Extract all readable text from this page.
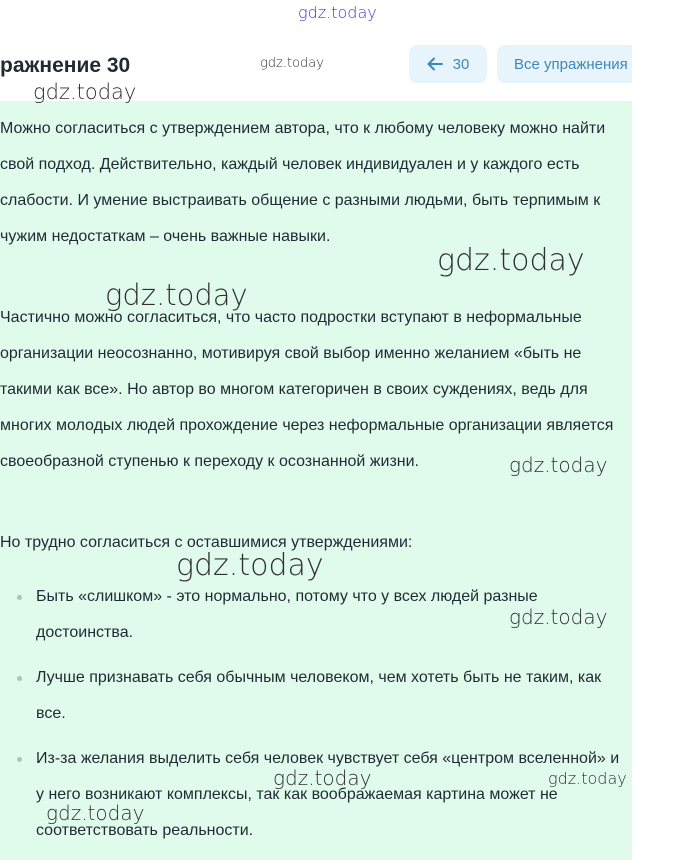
gdz.today
gdz.today
gdz.today
gdz.today
gdz.today
gdz.today
gdz.today
gdz.today
gdz.today	gdz.today
gdz.today
ражнение 30	30	Все упражнения

Можно согласиться с утверждением автора, что к любому человеку можно найти свой подход. Действительно, каждый человек индивидуален и у каждого есть слабости. И умение выстраивать общение с разными людьми, быть терпимым к чужим недостаткам – очень важные навыки.

Частично можно согласиться, что часто подростки вступают в неформальные организации неосознанно, мотивируя свой выбор именно желанием «быть не такими как все». Но автор во многом категоричен в своих суждениях, ведь для многих молодых людей прохождение через неформальные организации является своеобразной ступенью к переходу к осознанной жизни.

Но трудно согласиться с оставшимися утверждениями:

Быть «слишком» - это нормально, потому что у всех людей разные достоинства.
Лучше признавать себя обычным человеком, чем хотеть быть не таким, как все.
Из-за желания выделить себя человек чувствует себя «центром вселенной» и у него возникают комплексы, так как воображаемая картина может не соответствовать реальности.
